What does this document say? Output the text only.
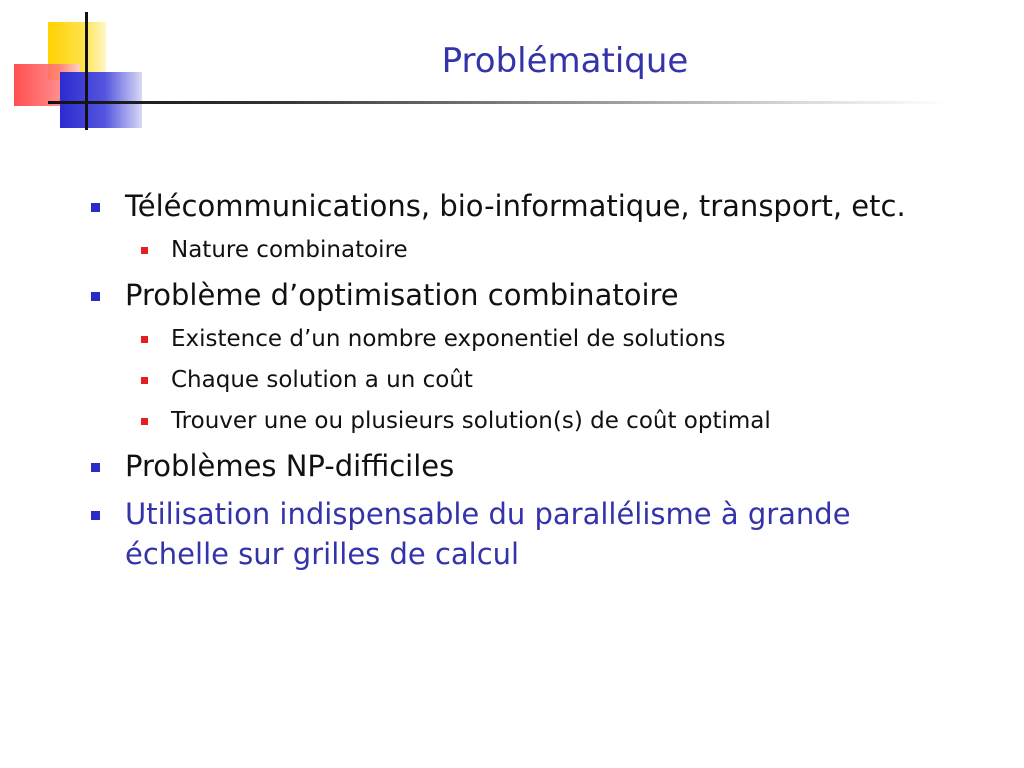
Problématique
Télécommunications, bio-informatique, transport, etc.
Nature combinatoire
Problème d’optimisation combinatoire
Existence d’un nombre exponentiel de solutions
Chaque solution a un coût
Trouver une ou plusieurs solution(s) de coût optimal
Problèmes NP-difficiles
Utilisation indispensable du parallélisme à grande
échelle sur grilles de calcul
